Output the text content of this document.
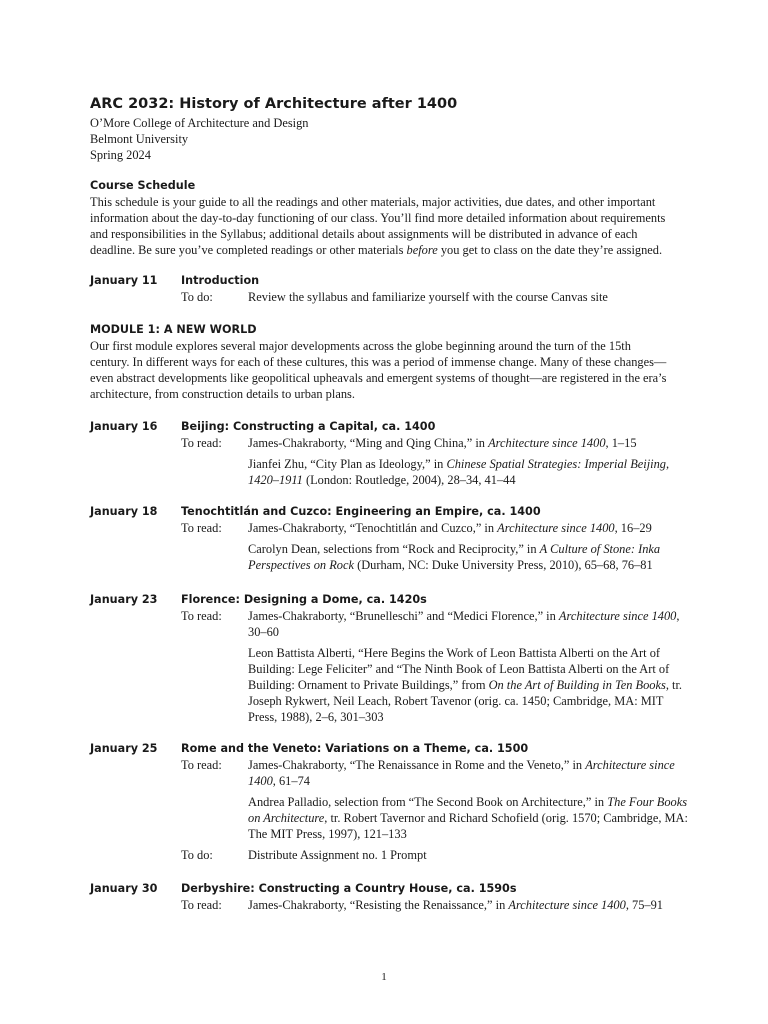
ARC 2032: History of Architecture after 1400
O’More College of Architecture and Design
Belmont University
Spring 2024
Course Schedule
This schedule is your guide to all the readings and other materials, major activities, due dates, and other important
information about the day-to-day functioning of our class. You’ll find more detailed information about requirements
and responsibilities in the Syllabus; additional details about assignments will be distributed in advance of each
deadline. Be sure you’ve completed readings or other materials before you get to class on the date they’re assigned.
January 11 Introduction
To do:	Review the syllabus and familiarize yourself with the course Canvas site
MODULE 1: A NEW WORLD
Our first module explores several major developments across the globe beginning around the turn of the 15th
century. In different ways for each of these cultures, this was a period of immense change. Many of these changes—
even abstract developments like geopolitical upheavals and emergent systems of thought—are registered in the era’s
architecture, from construction details to urban plans.
January 16 Beijing: Constructing a Capital, ca. 1400
To read:	James-Chakraborty, “Ming and Qing China,” in Architecture since 1400, 1–15
Jianfei Zhu, “City Plan as Ideology,” in Chinese Spatial Strategies: Imperial Beijing, 1420–1911 (London: Routledge, 2004), 28–34, 41–44
January 18 Tenochtitlán and Cuzco: Engineering an Empire, ca. 1400
To read:	James-Chakraborty, “Tenochtitlán and Cuzco,” in Architecture since 1400, 16–29
Carolyn Dean, selections from “Rock and Reciprocity,” in A Culture of Stone: Inka Perspectives on Rock (Durham, NC: Duke University Press, 2010), 65–68, 76–81
January 23 Florence: Designing a Dome, ca. 1420s
To read:	James-Chakraborty, “Brunelleschi” and “Medici Florence,” in Architecture since 1400, 30–60
Leon Battista Alberti, “Here Begins the Work of Leon Battista Alberti on the Art of Building: Lege Feliciter” and “The Ninth Book of Leon Battista Alberti on the Art of Building: Ornament to Private Buildings,” from On the Art of Building in Ten Books, tr. Joseph Rykwert, Neil Leach, Robert Tavenor (orig. ca. 1450; Cambridge, MA: MIT Press, 1988), 2–6, 301–303
January 25 Rome and the Veneto: Variations on a Theme, ca. 1500
To read:	James-Chakraborty, “The Renaissance in Rome and the Veneto,” in Architecture since 1400, 61–74
Andrea Palladio, selection from “The Second Book on Architecture,” in The Four Books on Architecture, tr. Robert Tavernor and Richard Schofield (orig. 1570; Cambridge, MA: The MIT Press, 1997), 121–133
To do:	Distribute Assignment no. 1 Prompt
January 30 Derbyshire: Constructing a Country House, ca. 1590s
To read:	James-Chakraborty, “Resisting the Renaissance,” in Architecture since 1400, 75–91
1
